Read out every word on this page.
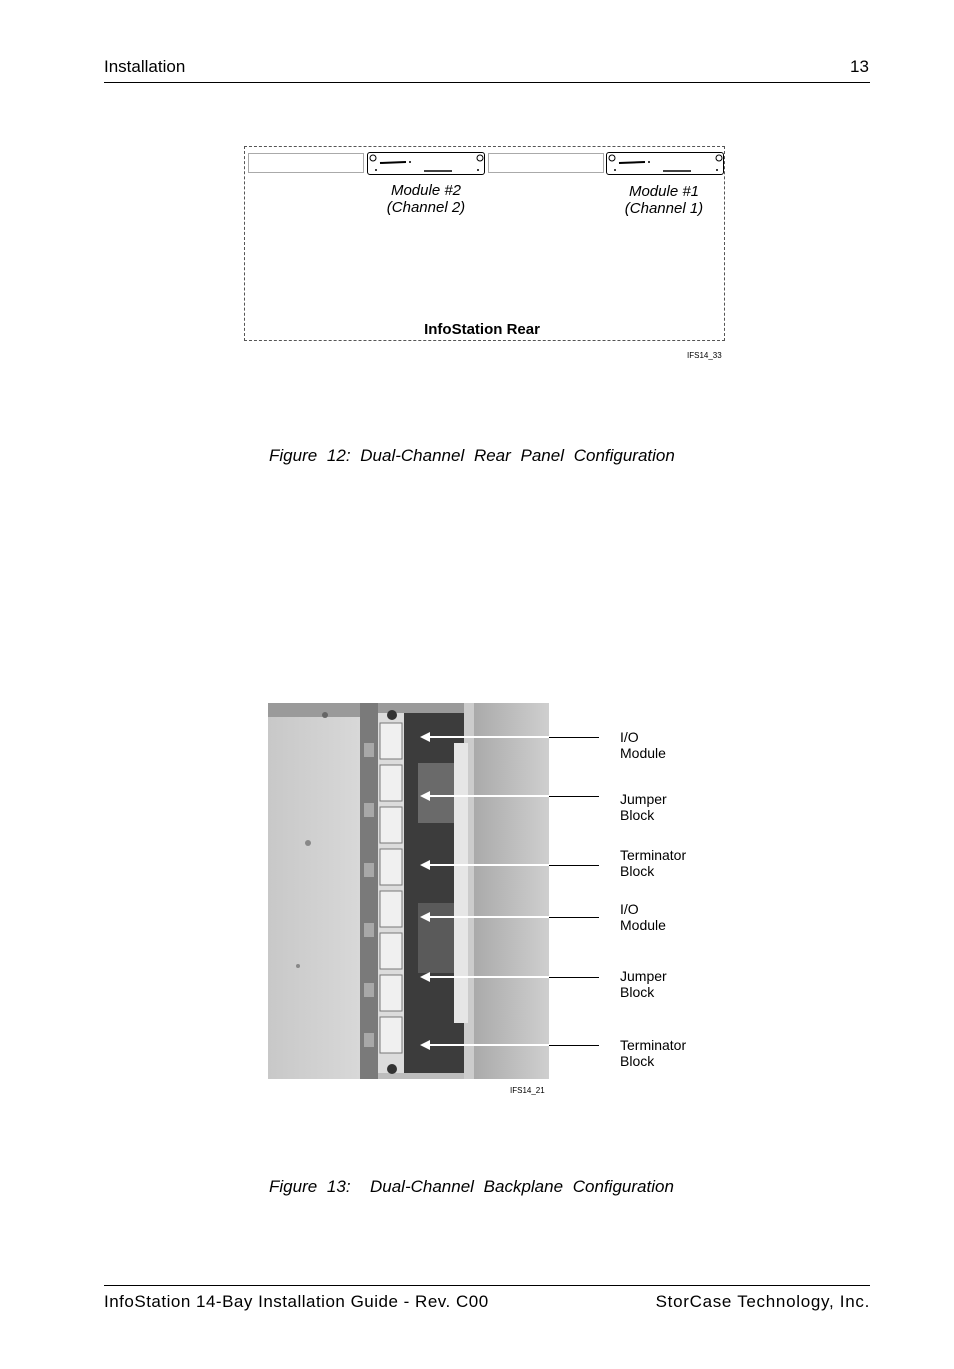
Installation	13
Module #2
(Channel 2)
Module #1
(Channel 1)
InfoStation Rear
IFS14_33
Figure 12: Dual-Channel Rear Panel Configuration
I/O
Module
Jumper
Block
Terminator
Block
I/O
Module
Jumper
Block
Terminator
Block
IFS14_21
Figure 13:  Dual-Channel Backplane Configuration
InfoStation 14-Bay Installation Guide - Rev. C00	StorCase Technology, Inc.
